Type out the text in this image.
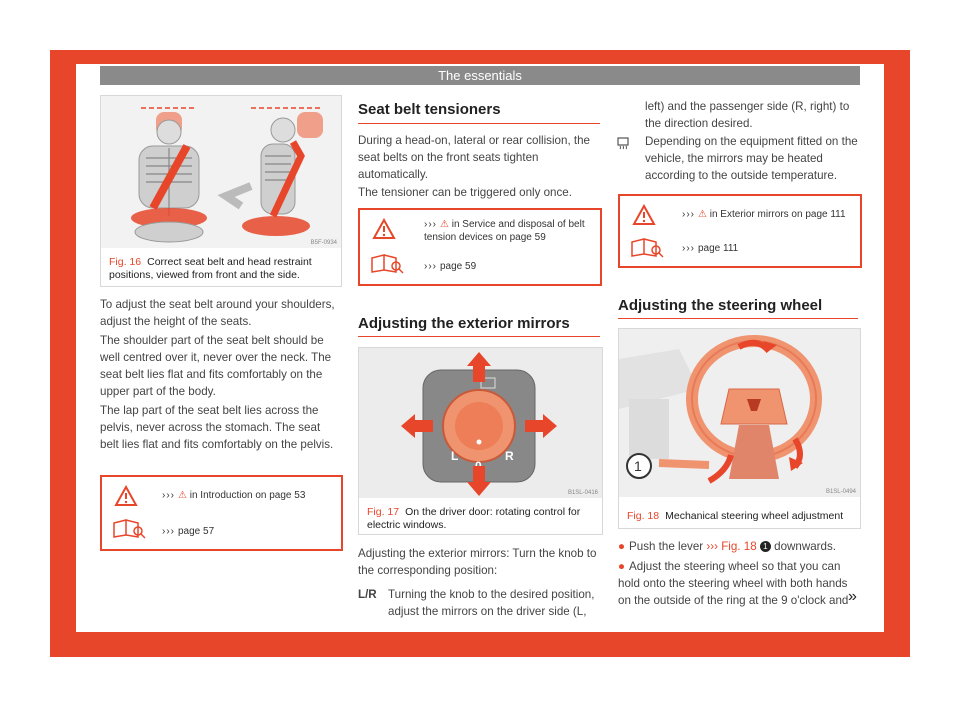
The essentials
B5F-0934
Fig. 16 Correct seat belt and head restraint positions, viewed from front and the side.
To adjust the seat belt around your shoulders, adjust the height of the seats.
The shoulder part of the seat belt should be well centred over it, never over the neck. The seat belt lies flat and fits comfortably on the upper part of the body.
The lap part of the seat belt lies across the pelvis, never across the stomach. The seat belt lies flat and fits comfortably on the pelvis.
››› ⚠ in Introduction on page 53
››› page 57
Seat belt tensioners
During a head-on, lateral or rear collision, the seat belts on the front seats tighten automatically.
The tensioner can be triggered only once.
››› ⚠ in Service and disposal of belt tension devices on page 59
››› page 59
Adjusting the exterior mirrors
L	R
B1SL-0416
Fig. 17 On the driver door: rotating control for electric windows.
Adjusting the exterior mirrors: Turn the knob to the corresponding position:
L/R Turning the knob to the desired position, adjust the mirrors on the driver side (L,
left) and the passenger side (R, right) to the direction desired.
Depending on the equipment fitted on the vehicle, the mirrors may be heated according to the outside temperature.
››› ⚠ in Exterior mirrors on page 111
››› page 111
Adjusting the steering wheel
1
B1SL-0494
Fig. 18 Mechanical steering wheel adjustment
● Push the lever ››› Fig. 18 1 downwards.
● Adjust the steering wheel so that you can hold onto the steering wheel with both hands on the outside of the ring at the 9 o'clock and »
15
